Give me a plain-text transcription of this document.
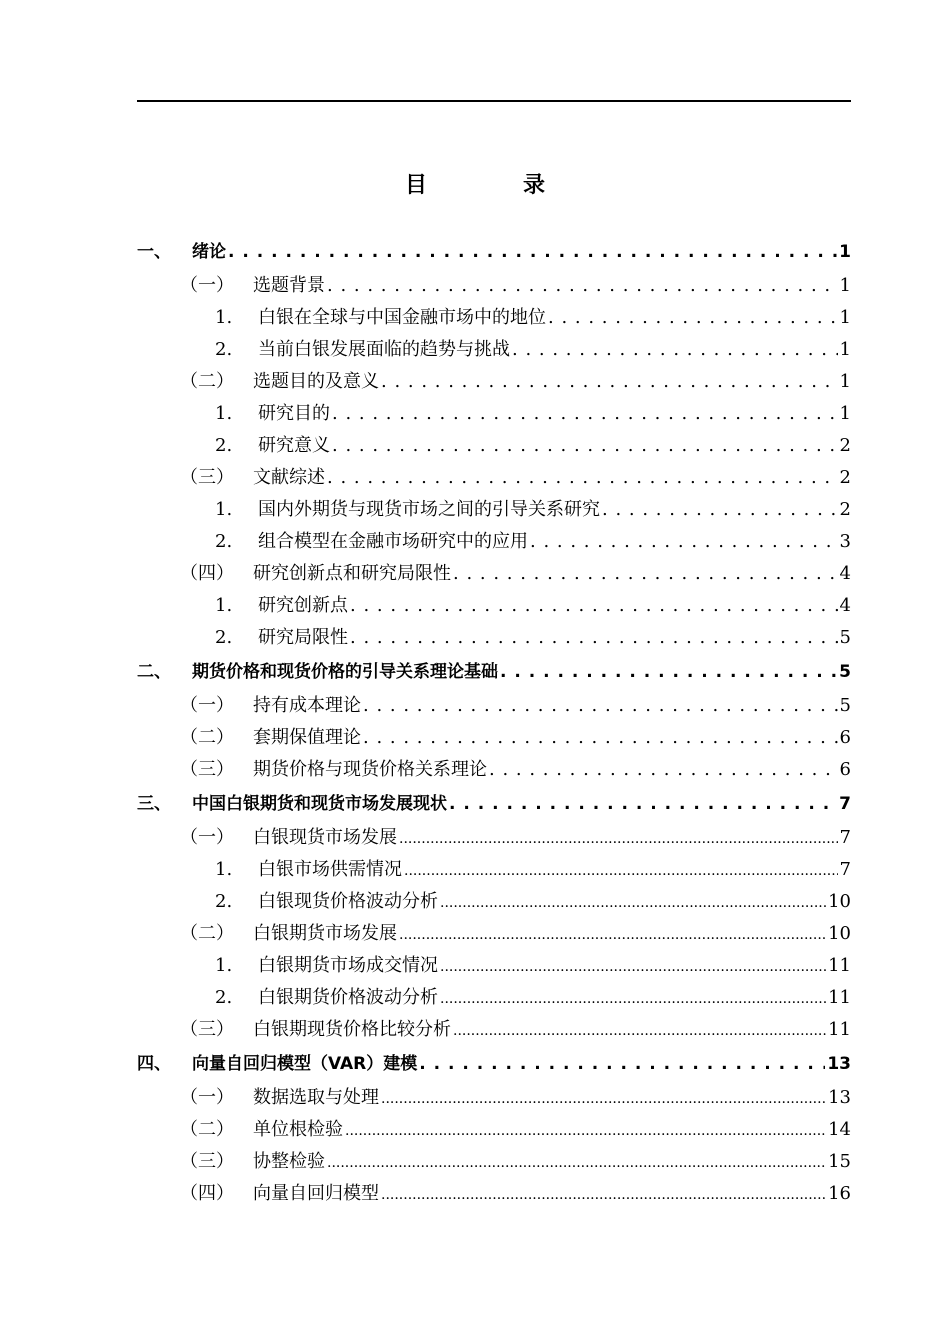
目	录
一、	绪论 . . .	1
（一）	选题背景 . . .	1
1.	白银在全球与中国金融市场中的地位 . . .	1
2.	当前白银发展面临的趋势与挑战 . . .	1
（二）	选题目的及意义 . . .	1
1.	研究目的 . . .	1
2.	研究意义 . . .	2
（三）	文献综述 . . .	2
1.	国内外期货与现货市场之间的引导关系研究 . . .	2
2.	组合模型在金融市场研究中的应用 . . .	3
（四）	研究创新点和研究局限性 . . .	4
1.	研究创新点 . . .	4
2.	研究局限性 . . .	5
二、	期货价格和现货价格的引导关系理论基础 . . .	5
（一）	持有成本理论 . . .	5
（二）	套期保值理论 . . .	6
（三）	期货价格与现货价格关系理论 . . .	6
三、	中国白银期货和现货市场发展现状 . . .	7
（一）	白银现货市场发展 .....	7
1.	白银市场供需情况 .....	7
2.	白银现货价格波动分析 .....	10
（二）	白银期货市场发展 .....	10
1.	白银期货市场成交情况 .....	11
2.	白银期货价格波动分析 .....	11
（三）	白银期现货价格比较分析 .....	11
四、	向量自回归模型（VAR）建模 . . .	13
（一）	数据选取与处理 .....	13
（二）	单位根检验 .....	14
（三）	协整检验 .....	15
（四）	向量自回归模型 .....	16
